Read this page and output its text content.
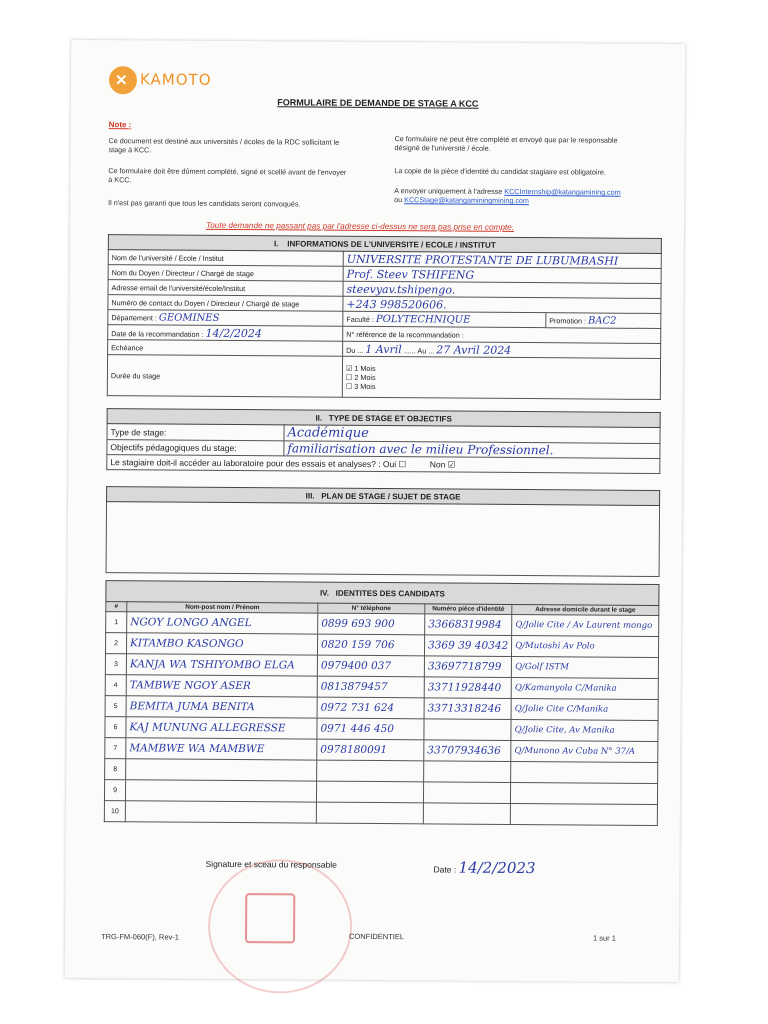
✕ KAMOTO
FORMULAIRE DE DEMANDE DE STAGE A KCC
Note :
Ce document est destiné aux universités / écoles de la RDC sollicitant le stage à KCC.
Ce formulaire doit être dûment complété, signé et scellé avant de l'envoyer à KCC.
Il n'est pas garanti que tous les candidats seront convoqués.
Ce formulaire ne peut être complété et envoyé que par le responsable désigné de l'université / école.
La copie de la pièce d'identité du candidat stagiaire est obligatoire.
A envoyer uniquement à l'adresse KCCInternship@katangamining.com
ou KCCStage@katangaminingmining.com
Toute demande ne passant pas par l'adresse ci-dessus ne sera pas prise en compte.
I. INFORMATIONS DE L'UNIVERSITE / ECOLE / INSTITUT		
Nom de l'université / Ecole / Institut	UNIVERSITE PROTESTANTE DE LUBUMBASHI	
Nom du Doyen / Directeur / Chargé de stage	Prof. Steev TSHIFENG	
Adresse email de l'université/école/Institut	steevyav.tshipengo.	
Numéro de contact du Doyen / Directeur / Chargé de stage	+243 998520606.	
Département : GEOMINES	Faculté : POLYTECHNIQUE	Promotion : BAC2
Date de la recommandation : 14/2/2024	N° référence de la recommandation :	
Echéance	Du ... 1 Avril ...... Au ... 27 Avril 2024	
Durée du stage	☑ 1 Mois
☐ 2 Mois
☐ 3 Mois	
II. TYPE DE STAGE ET OBJECTIFS	
Type de stage:	Académique
Objectifs pédagogiques du stage:	familiarisation avec le milieu Professionnel.
Le stagiaire doit-il accéder au laboratoire pour des essais et analyses? : Oui ☐ Non ☑	
III. PLAN DE STAGE / SUJET DE STAGE

IV. IDENTITES DES CANDIDATS				
#	Nom-post nom / Prénom	N° téléphone	Numéro pièce d'identité	Adresse domicile durant le stage
1	NGOY LONGO ANGEL	0899 693 900	33668319984	Q/Jolie Cite / Av Laurent mongo
2	KITAMBO KASONGO	0820 159 706	3369 39 40342	Q/Mutoshi Av Polo
3	KANJA WA TSHIYOMBO ELGA	0979400 037	33697718799	Q/Golf ISTM
4	TAMBWE NGOY ASER	0813879457	33711928440	Q/Kamanyola C/Manika
5	BEMITA JUMA BENITA	0972 731 624	33713318246	Q/Jolie Cite C/Manika
6	KAJ MUNUNG ALLEGRESSE	0971 446 450		Q/Jolie Cite, Av Manika
7	MAMBWE WA MAMBWE	0978180091	33707934636	Q/Munono Av Cuba N° 37/A
8				
9				
10				
Signature et sceau du responsable	Date : 14/2/2023
TRG-FM-060(F), Rev-1	CONFIDENTIEL	1 sur 1
